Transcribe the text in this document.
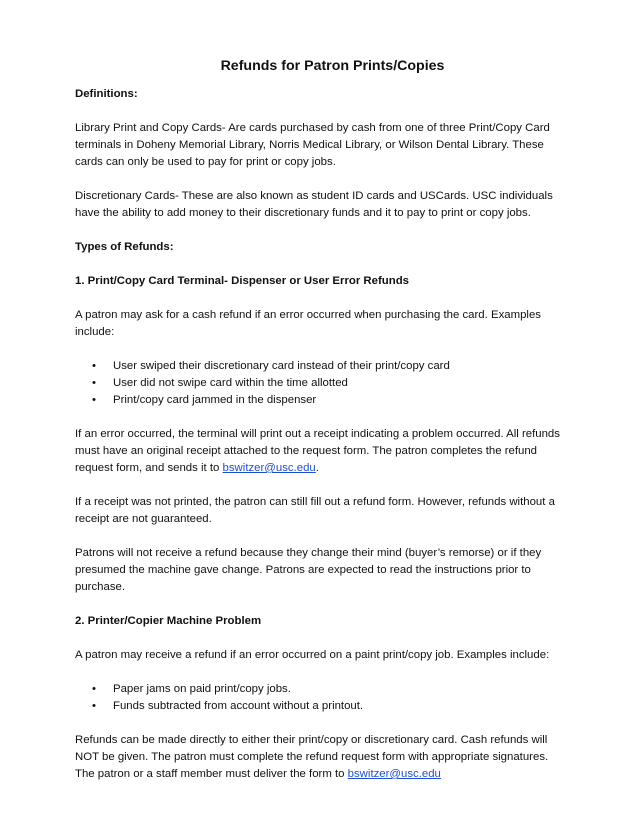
Refunds for Patron Prints/Copies

Definitions:

Library Print and Copy Cards- Are cards purchased by cash from one of three Print/Copy Card terminals in Doheny Memorial Library, Norris Medical Library, or Wilson Dental Library. These cards can only be used to pay for print or copy jobs.

Discretionary Cards- These are also known as student ID cards and USCards. USC individuals have the ability to add money to their discretionary funds and it to pay to print or copy jobs.

Types of Refunds:

1. Print/Copy Card Terminal- Dispenser or User Error Refunds

A patron may ask for a cash refund if an error occurred when purchasing the card. Examples include:

• User swiped their discretionary card instead of their print/copy card
• User did not swipe card within the time allotted
• Print/copy card jammed in the dispenser

If an error occurred, the terminal will print out a receipt indicating a problem occurred. All refunds must have an original receipt attached to the request form. The patron completes the refund request form, and sends it to bswitzer@usc.edu.

If a receipt was not printed, the patron can still fill out a refund form. However, refunds without a receipt are not guaranteed.

Patrons will not receive a refund because they change their mind (buyer’s remorse) or if they presumed the machine gave change. Patrons are expected to read the instructions prior to purchase.

2. Printer/Copier Machine Problem

A patron may receive a refund if an error occurred on a paint print/copy job. Examples include:

• Paper jams on paid print/copy jobs.
• Funds subtracted from account without a printout.

Refunds can be made directly to either their print/copy or discretionary card. Cash refunds will NOT be given. The patron must complete the refund request form with appropriate signatures. The patron or a staff member must deliver the form to bswitzer@usc.edu
